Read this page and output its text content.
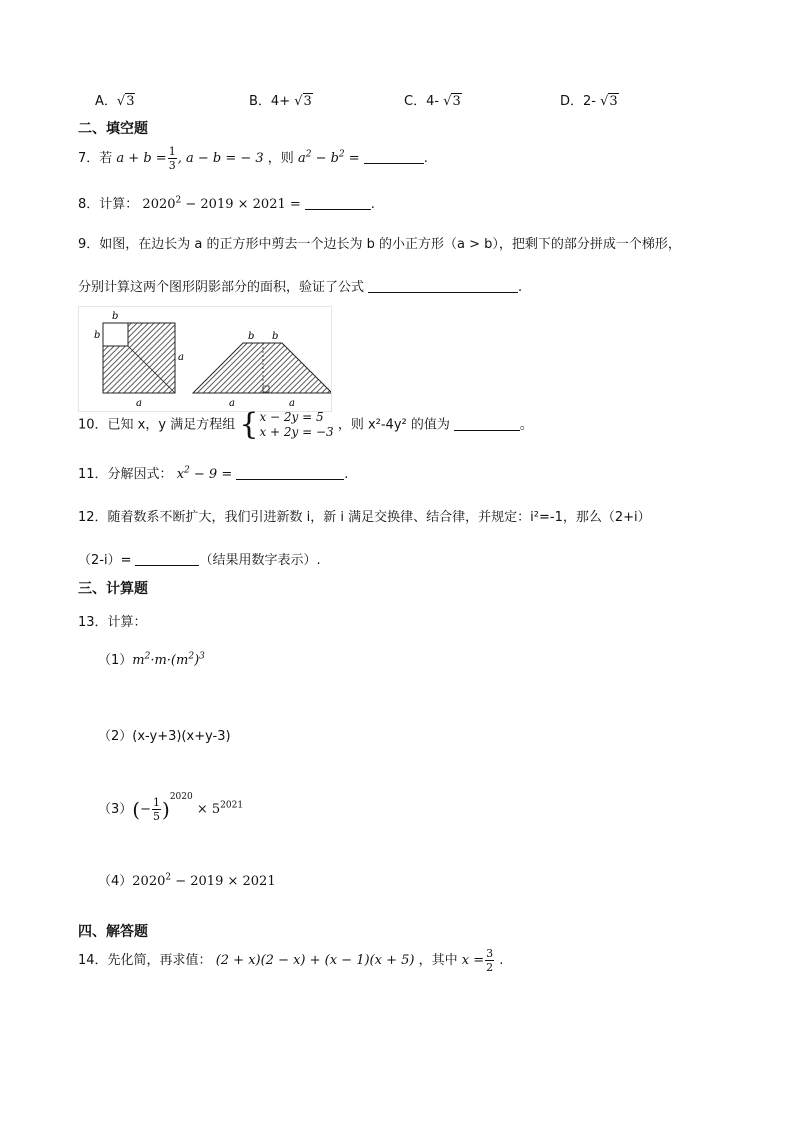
A．√3	B．4+ √3	C．4- √3	D．2- √3
二、填空题
7．若 $a + b = \frac{1}{3}$ , a − b = − 3 ，则 $a^2 - b^2$ =	.
8．计算： $2020^2 - 2019 \times 2021$ =	.
9．如图，在边长为 a 的正方形中剪去一个边长为 b 的小正方形（a > b），把剩下的部分拼成一个梯形，
分别计算这两个图形阴影部分的面积，验证了公式	.
b
b
a
a
b b
a	a
10．已知 x，y 满足方程组 { x − 2y = 5
x + 2y = −3 ，则 x²-4y² 的值为	。
11．分解因式： $x^2 - 9$ =	.
12．随着数系不断扩大，我们引进新数 i，新 i 满足交换律、结合律，并规定：i²=-1，那么（2+i）
（2-i）=	（结果用数字表示）.
三、计算题
13．计算：
$(1)m^2\cdot m\cdot(m^2)^3$
（2）(x-y+3)(x+y-3)
$(3)(- \frac{1}{5} )^{2020} \times 5^{2021}$
$(4)2020^2 - 2019 \times 2021$
四、解答题
14．先化简，再求值： (2 + x)(2 − x) + (x − 1)(x + 5) ，其中 $x = \frac{3}{2}$ .
